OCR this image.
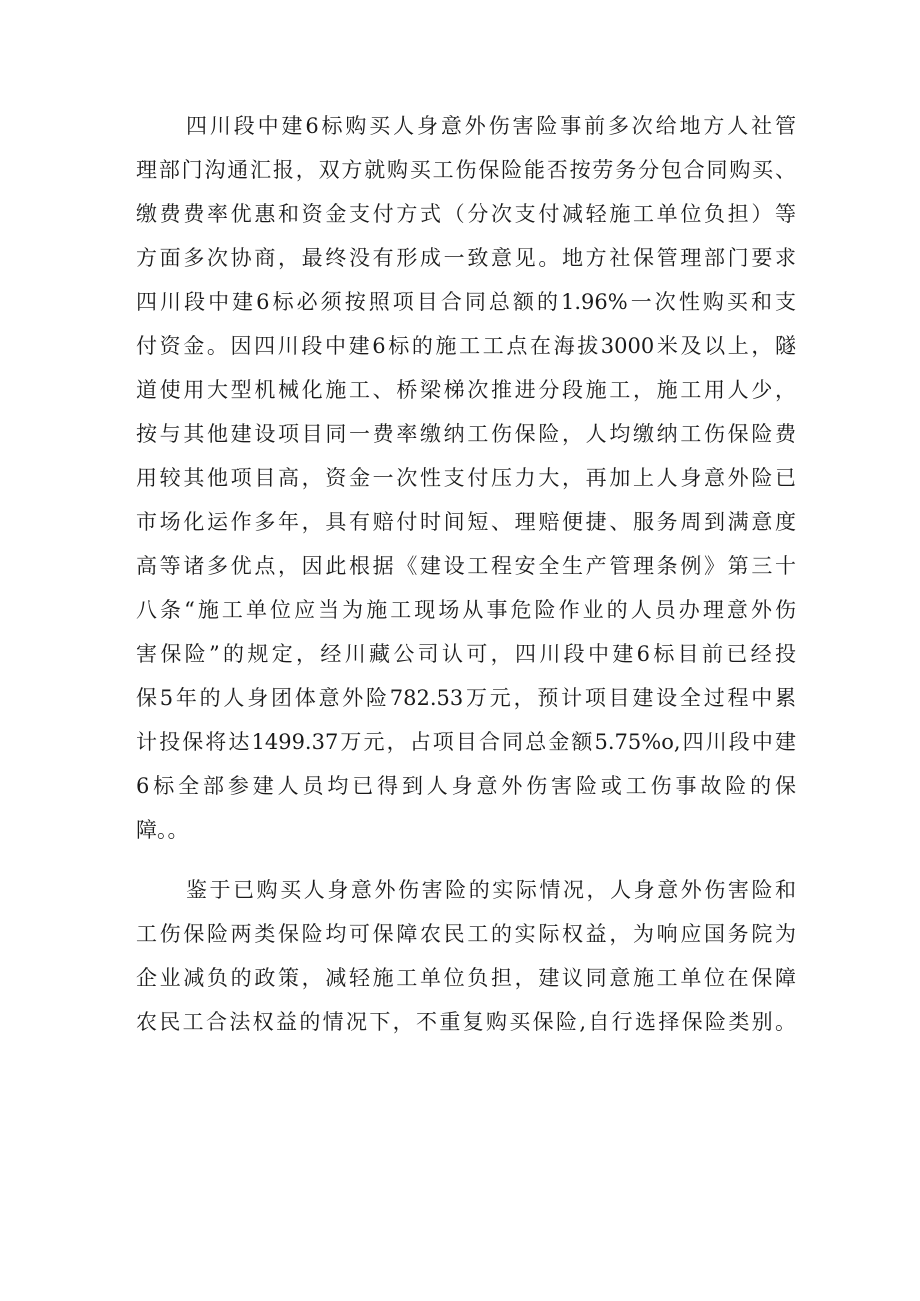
四川段中建6标购买人身意外伤害险事前多次给地方人社管
理部门沟通汇报，双方就购买工伤保险能否按劳务分包合同购买、
缴费费率优惠和资金支付方式（分次支付减轻施工单位负担）等
方面多次协商，最终没有形成一致意见。地方社保管理部门要求
四川段中建6标必须按照项目合同总额的1.96%一次性购买和支
付资金。因四川段中建6标的施工工点在海拔3000米及以上，隧
道使用大型机械化施工、桥梁梯次推进分段施工，施工用人少，
按与其他建设项目同一费率缴纳工伤保险，人均缴纳工伤保险费
用较其他项目高，资金一次性支付压力大，再加上人身意外险已
市场化运作多年，具有赔付时间短、理赔便捷、服务周到满意度
高等诸多优点，因此根据《建设工程安全生产管理条例》第三十
八条“施工单位应当为施工现场从事危险作业的人员办理意外伤
害保险”的规定，经川藏公司认可，四川段中建6标目前已经投
保5年的人身团体意外险782.53万元，预计项目建设全过程中累
计投保将达1499.37万元，占项目合同总金额5.75%o,四川段中建
6标全部参建人员均已得到人身意外伤害险或工伤事故险的保
障。。
鉴于已购买人身意外伤害险的实际情况，人身意外伤害险和
工伤保险两类保险均可保障农民工的实际权益，为响应国务院为
企业减负的政策，减轻施工单位负担，建议同意施工单位在保障
农民工合法权益的情况下，不重复购买保险,自行选择保险类别。
